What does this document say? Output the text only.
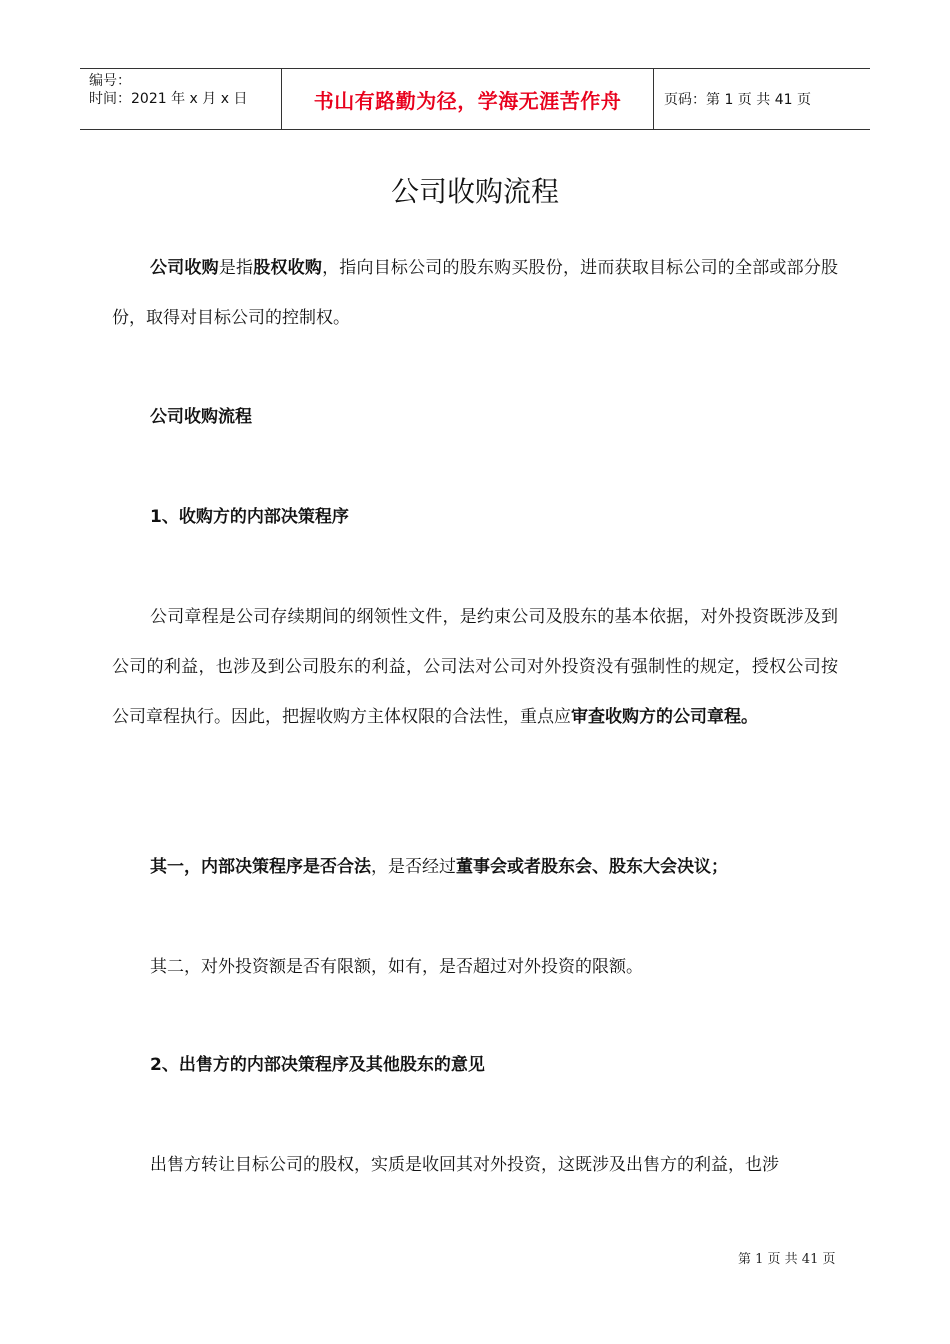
编号：
时间：2021 年 x 月 x 日	书山有路勤为径，学海无涯苦作舟	页码：第 1 页 共 41 页
公司收购流程

公司收购是指股权收购，指向目标公司的股东购买股份，进而获取目标公司的全部或部分股份，取得对目标公司的控制权。

公司收购流程

1、收购方的内部决策程序

公司章程是公司存续期间的纲领性文件，是约束公司及股东的基本依据，对外投资既涉及到公司的利益，也涉及到公司股东的利益，公司法对公司对外投资没有强制性的规定，授权公司按公司章程执行。因此，把握收购方主体权限的合法性，重点应审查收购方的公司章程。

其一，内部决策程序是否合法，是否经过董事会或者股东会、股东大会决议；

其二，对外投资额是否有限额，如有，是否超过对外投资的限额。

2、出售方的内部决策程序及其他股东的意见

出售方转让目标公司的股权，实质是收回其对外投资，这既涉及出售方的利益，也涉

第 1 页 共 41 页
